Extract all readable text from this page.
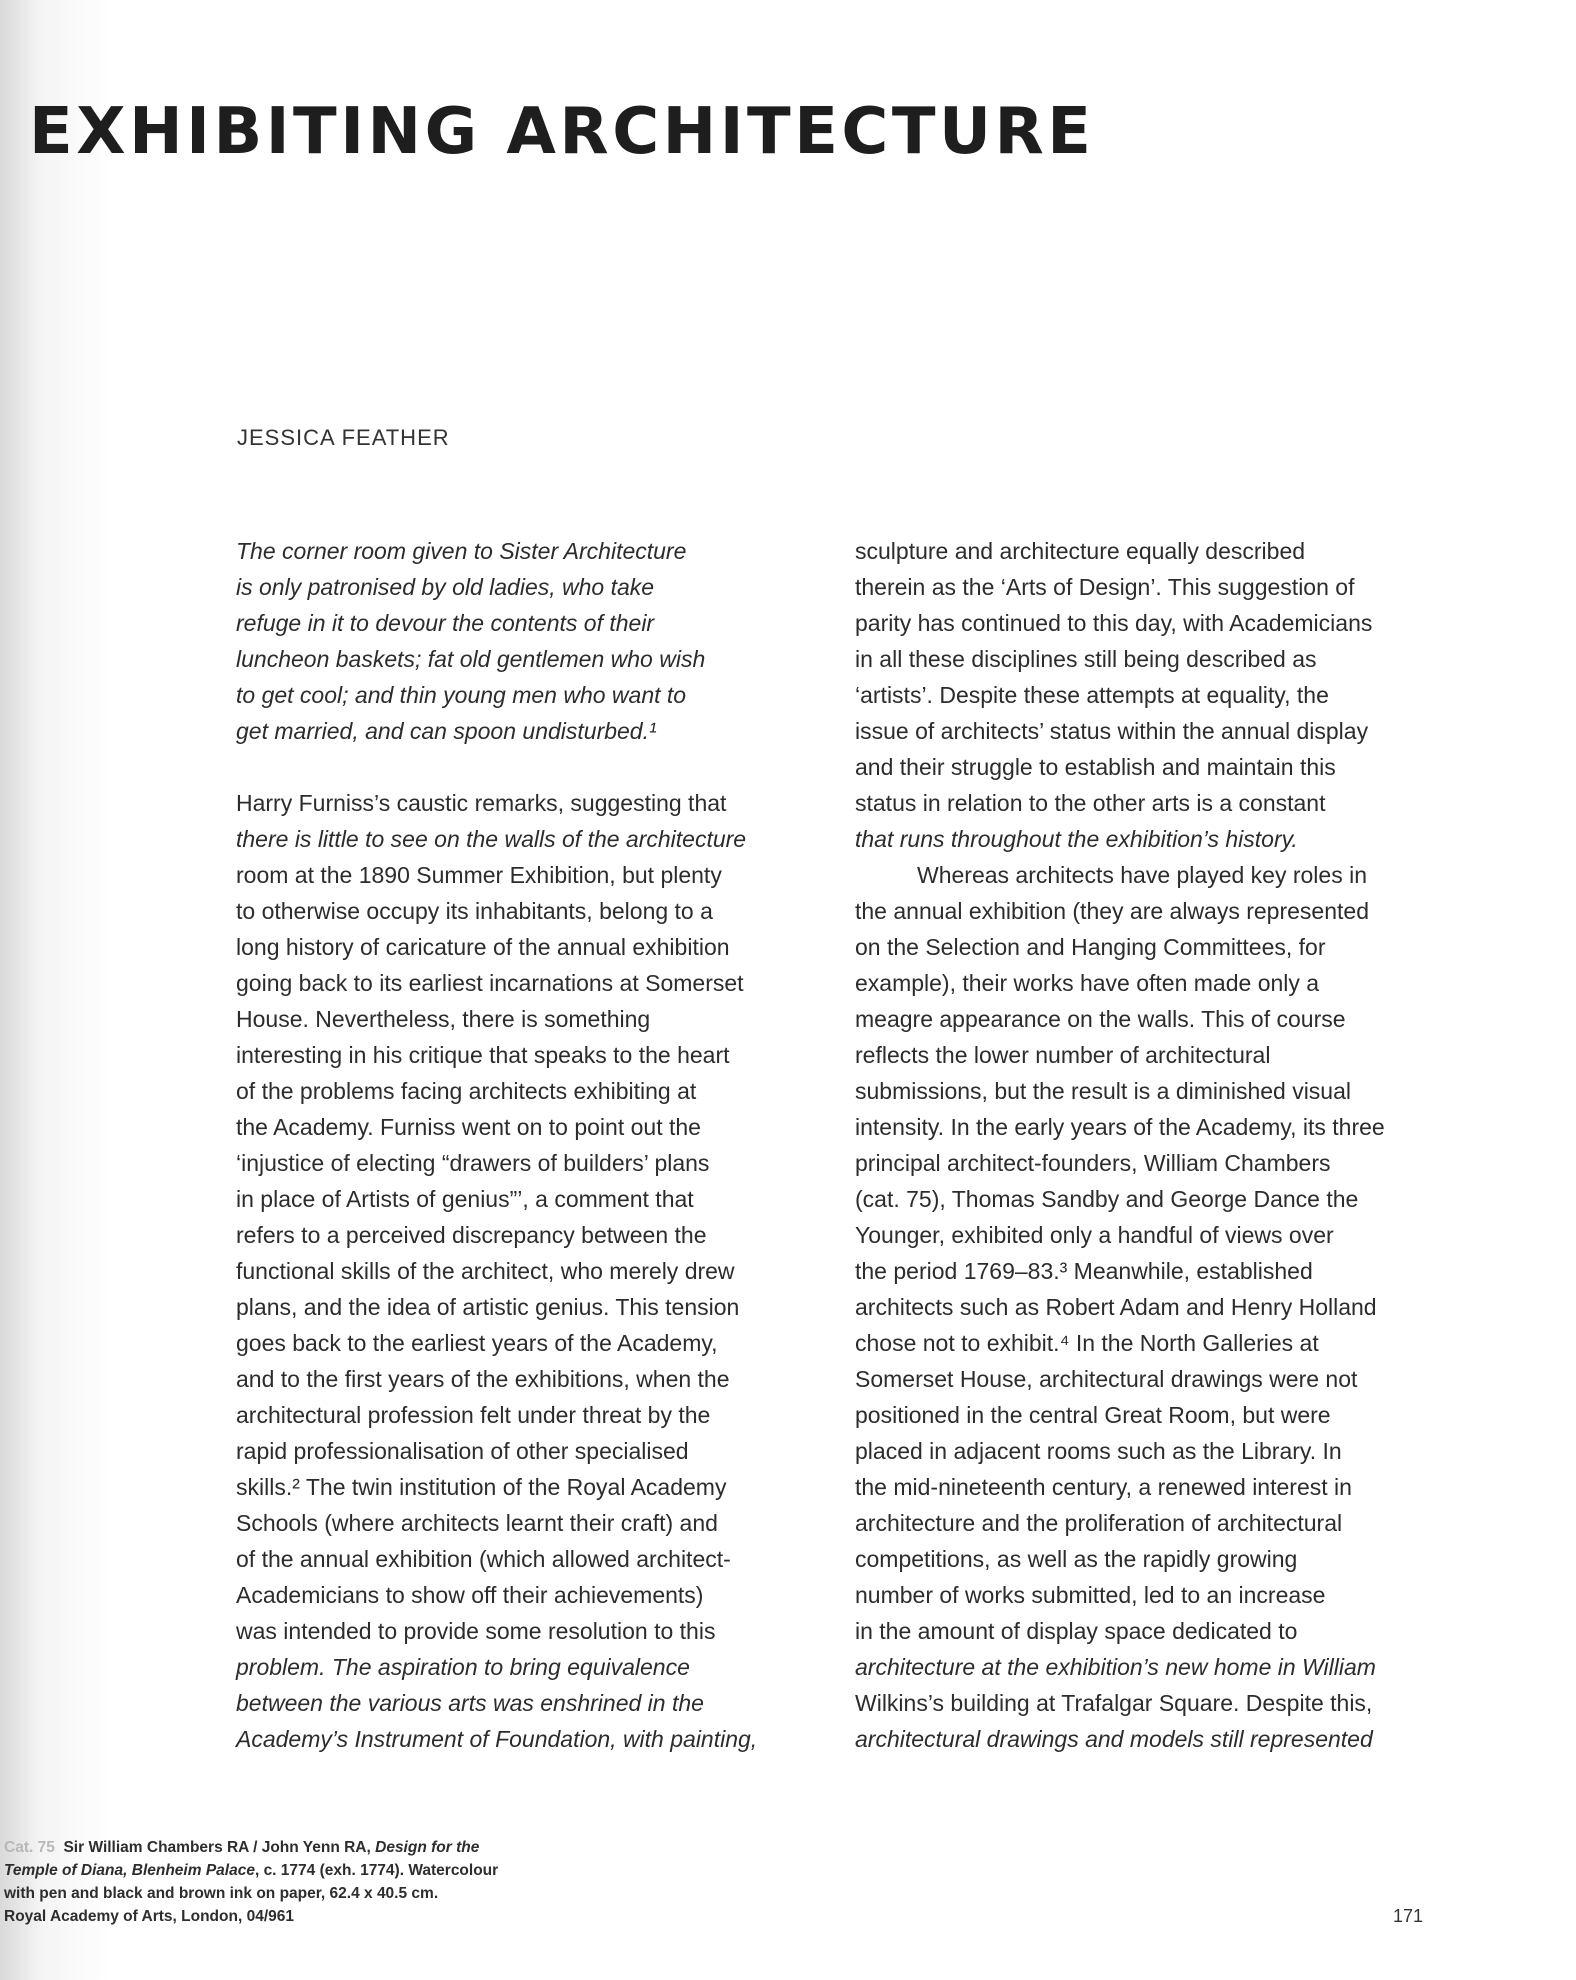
EXHIBITING ARCHITECTURE
JESSICA FEATHER
The corner room given to Sister Architecture
is only patronised by old ladies, who take
refuge in it to devour the contents of their
luncheon baskets; fat old gentlemen who wish
to get cool; and thin young men who want to
get married, and can spoon undisturbed.¹
Harry Furniss’s caustic remarks, suggesting that
there is little to see on the walls of the architecture
room at the 1890 Summer Exhibition, but plenty
to otherwise occupy its inhabitants, belong to a
long history of caricature of the annual exhibition
going back to its earliest incarnations at Somerset
House. Nevertheless, there is something
interesting in his critique that speaks to the heart
of the problems facing architects exhibiting at
the Academy. Furniss went on to point out the
‘injustice of electing “drawers of builders’ plans
in place of Artists of genius”’, a comment that
refers to a perceived discrepancy between the
functional skills of the architect, who merely drew
plans, and the idea of artistic genius. This tension
goes back to the earliest years of the Academy,
and to the first years of the exhibitions, when the
architectural profession felt under threat by the
rapid professionalisation of other specialised
skills.² The twin institution of the Royal Academy
Schools (where architects learnt their craft) and
of the annual exhibition (which allowed architect-
Academicians to show off their achievements)
was intended to provide some resolution to this
problem. The aspiration to bring equivalence
between the various arts was enshrined in the
Academy’s Instrument of Foundation, with painting,
sculpture and architecture equally described
therein as the ‘Arts of Design’. This suggestion of
parity has continued to this day, with Academicians
in all these disciplines still being described as
‘artists’. Despite these attempts at equality, the
issue of architects’ status within the annual display
and their struggle to establish and maintain this
status in relation to the other arts is a constant
that runs throughout the exhibition’s history.
Whereas architects have played key roles in
the annual exhibition (they are always represented
on the Selection and Hanging Committees, for
example), their works have often made only a
meagre appearance on the walls. This of course
reflects the lower number of architectural
submissions, but the result is a diminished visual
intensity. In the early years of the Academy, its three
principal architect-founders, William Chambers
(cat. 75), Thomas Sandby and George Dance the
Younger, exhibited only a handful of views over
the period 1769–83.³ Meanwhile, established
architects such as Robert Adam and Henry Holland
chose not to exhibit.⁴ In the North Galleries at
Somerset House, architectural drawings were not
positioned in the central Great Room, but were
placed in adjacent rooms such as the Library. In
the mid-nineteenth century, a renewed interest in
architecture and the proliferation of architectural
competitions, as well as the rapidly growing
number of works submitted, led to an increase
in the amount of display space dedicated to
architecture at the exhibition’s new home in William
Wilkins’s building at Trafalgar Square. Despite this,
architectural drawings and models still represented
Cat. 75 Sir William Chambers RA / John Yenn RA, Design for the
Temple of Diana, Blenheim Palace, c. 1774 (exh. 1774). Watercolour
with pen and black and brown ink on paper, 62.4 x 40.5 cm.
Royal Academy of Arts, London, 04/961	171
